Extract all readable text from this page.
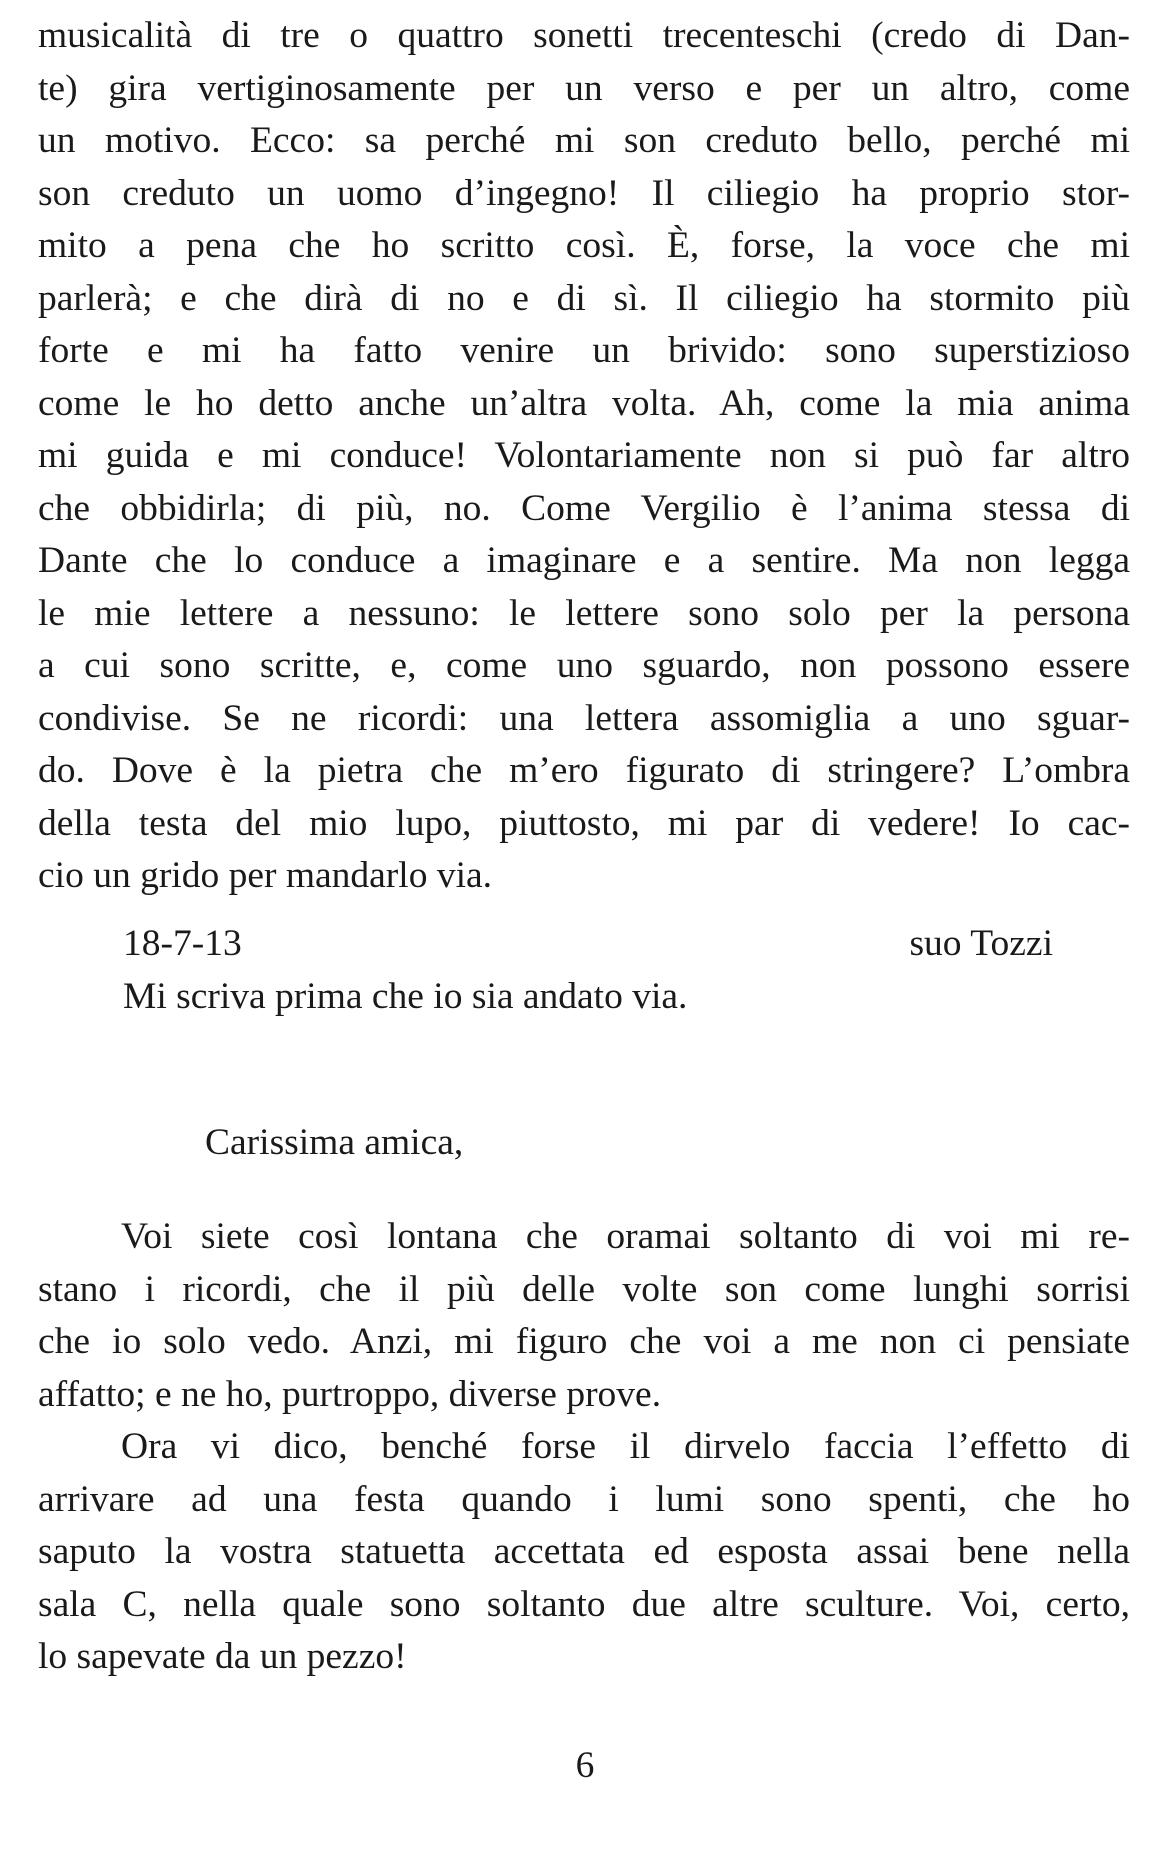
musicalità di tre o quattro sonetti trecenteschi (credo di Dan-
te) gira vertiginosamente per un verso e per un altro, come
un motivo. Ecco: sa perché mi son creduto bello, perché mi
son creduto un uomo d’ingegno! Il ciliegio ha proprio stor-
mito a pena che ho scritto così. È, forse, la voce che mi
parlerà; e che dirà di no e di sì. Il ciliegio ha stormito più
forte e mi ha fatto venire un brivido: sono superstizioso
come le ho detto anche un’altra volta. Ah, come la mia anima
mi guida e mi conduce! Volontariamente non si può far altro
che obbidirla; di più, no. Come Vergilio è l’anima stessa di
Dante che lo conduce a imaginare e a sentire. Ma non legga
le mie lettere a nessuno: le lettere sono solo per la persona
a cui sono scritte, e, come uno sguardo, non possono essere
condivise. Se ne ricordi: una lettera assomiglia a uno sguar-
do. Dove è la pietra che m’ero figurato di stringere? L’ombra
della testa del mio lupo, piuttosto, mi par di vedere! Io cac-
cio un grido per mandarlo via.
18-7-13	suo Tozzi
Mi scriva prima che io sia andato via.
Carissima amica,
Voi siete così lontana che oramai soltanto di voi mi re-
stano i ricordi, che il più delle volte son come lunghi sorrisi
che io solo vedo. Anzi, mi figuro che voi a me non ci pensiate
affatto; e ne ho, purtroppo, diverse prove.
Ora vi dico, benché forse il dirvelo faccia l’effetto di
arrivare ad una festa quando i lumi sono spenti, che ho
saputo la vostra statuetta accettata ed esposta assai bene nella
sala C, nella quale sono soltanto due altre sculture. Voi, certo,
lo sapevate da un pezzo!
6
